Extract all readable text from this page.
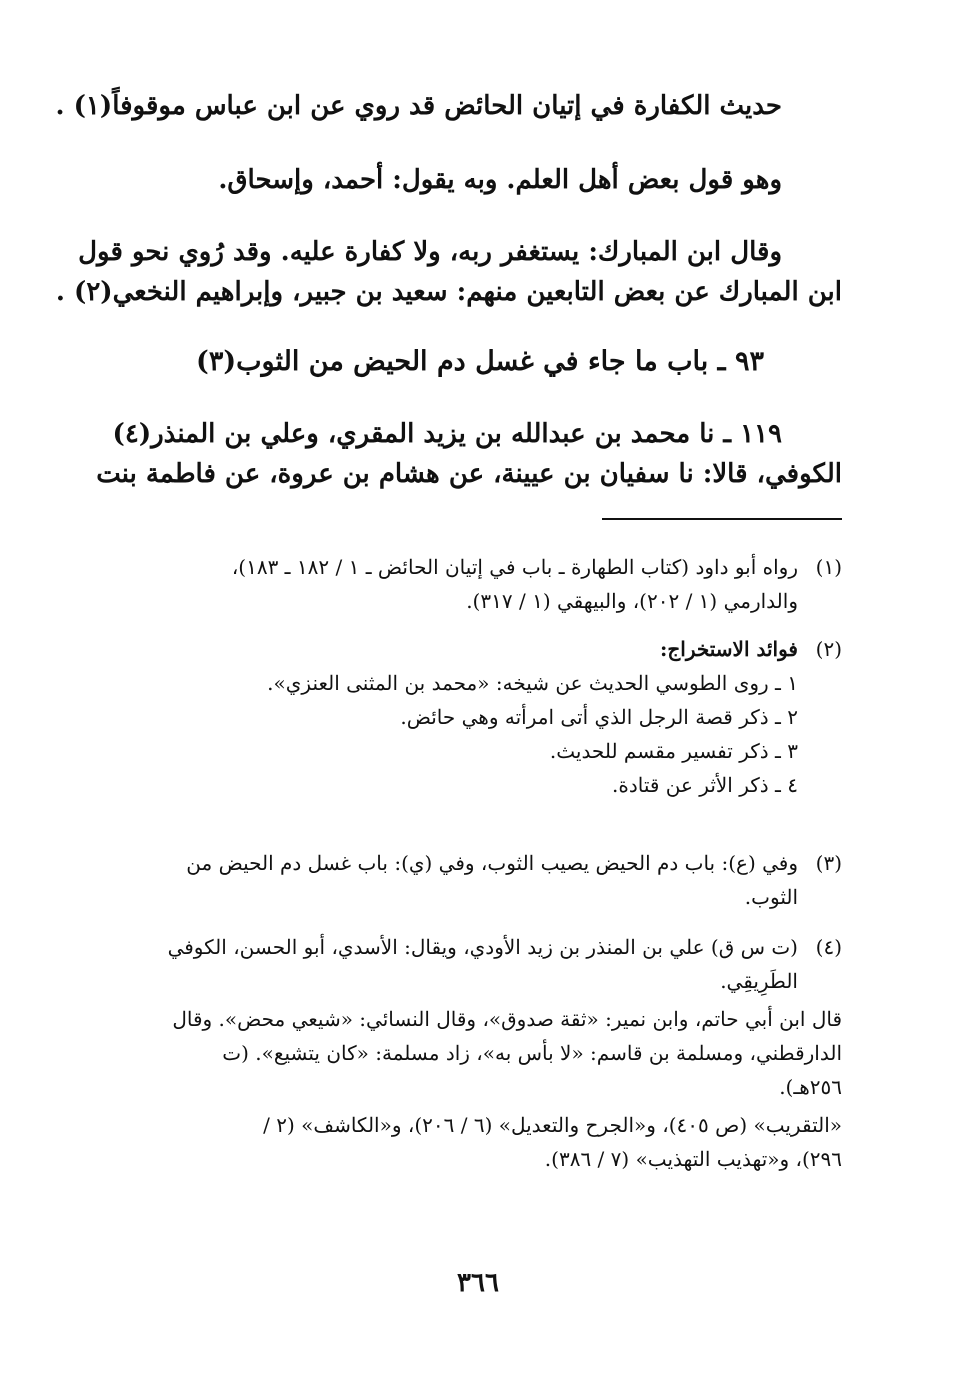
حديث الكفارة في إتيان الحائض قد روي عن ابن عباس موقوفاً(١) .
وهو قول بعض أهل العلم. وبه يقول: أحمد، وإسحاق.
وقال ابن المبارك: يستغفر ربه، ولا كفارة عليه. وقد رُوي نحو قول
ابن المبارك عن بعض التابعين منهم: سعيد بن جبير، وإبراهيم النخعي(٢) .
٩٣ ـ باب ما جاء في غسل دم الحيض من الثوب(٣)
١١٩ ـ نا محمد بن عبدالله بن يزيد المقري، وعلي بن المنذر(٤)
الكوفي، قالا: نا سفيان بن عيينة، عن هشام بن عروة، عن فاطمة بنت
(١)رواه أبو داود (كتاب الطهارة ـ باب في إتيان الحائض ـ ١ / ١٨٢ ـ ١٨٣)،
والدارمي (١ / ٢٠٢)، والبيهقي (١ / ٣١٧).
(٢)فوائد الاستخراج:
١ ـ روى الطوسي الحديث عن شيخه: «محمد بن المثنى العنزي».
٢ ـ ذكر قصة الرجل الذي أتى امرأته وهي حائض.
٣ ـ ذكر تفسير مقسم للحديث.
٤ ـ ذكر الأثر عن قتادة.
(٣)وفي (ع): باب دم الحيض يصيب الثوب، وفي (ي): باب غسل دم الحيض من
الثوب.
(٤)(ت س ق) علي بن المنذر بن زيد الأودي، ويقال: الأسدي، أبو الحسن، الكوفي
الطَرِيقِي.
قال ابن أبي حاتم، وابن نمير: «ثقة صدوق»، وقال النسائي: «شيعي محض». وقال
الدارقطني، ومسلمة بن قاسم: «لا بأس به»، زاد مسلمة: «كان يتشيع». (ت
٢٥٦هـ).
«التقريب» (ص ٤٠٥)، و«الجرح والتعديل» (٦ / ٢٠٦)، و«الكاشف» (٢ /
٢٩٦)، و«تهذيب التهذيب» (٧ / ٣٨٦).
٣٦٦
